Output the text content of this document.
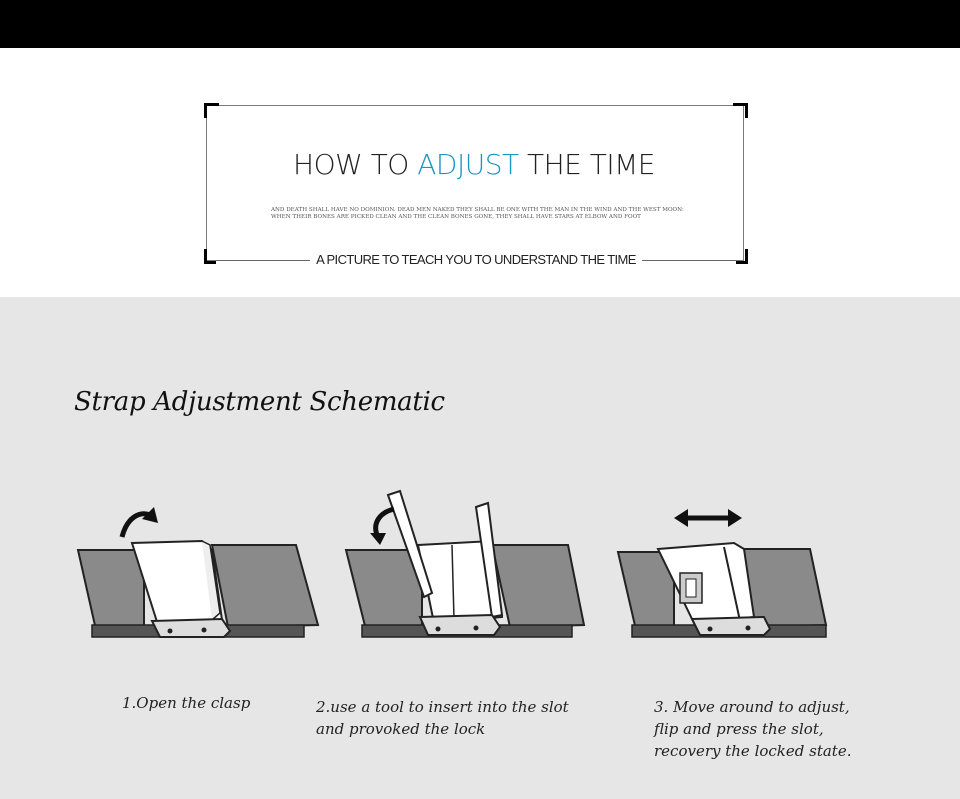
HOW TO ADJUST THE TIME
AND DEATH SHALL HAVE NO DOMINION. DEAD MEN NAKED THEY SHALL BE ONE WITH THE MAN IN THE WIND AND THE WEST MOON:
WHEN THEIR BONES ARE PICKED CLEAN AND THE CLEAN BONES GONE, THEY SHALL HAVE STARS AT ELBOW AND FOOT
A PICTURE TO TEACH YOU TO UNDERSTAND THE TIME
Strap Adjustment Schematic
1.Open the clasp	2.use a tool to insert into the slot
and provoked the lock
3. Move around to adjust,
flip and press the slot,
recovery the locked state.
